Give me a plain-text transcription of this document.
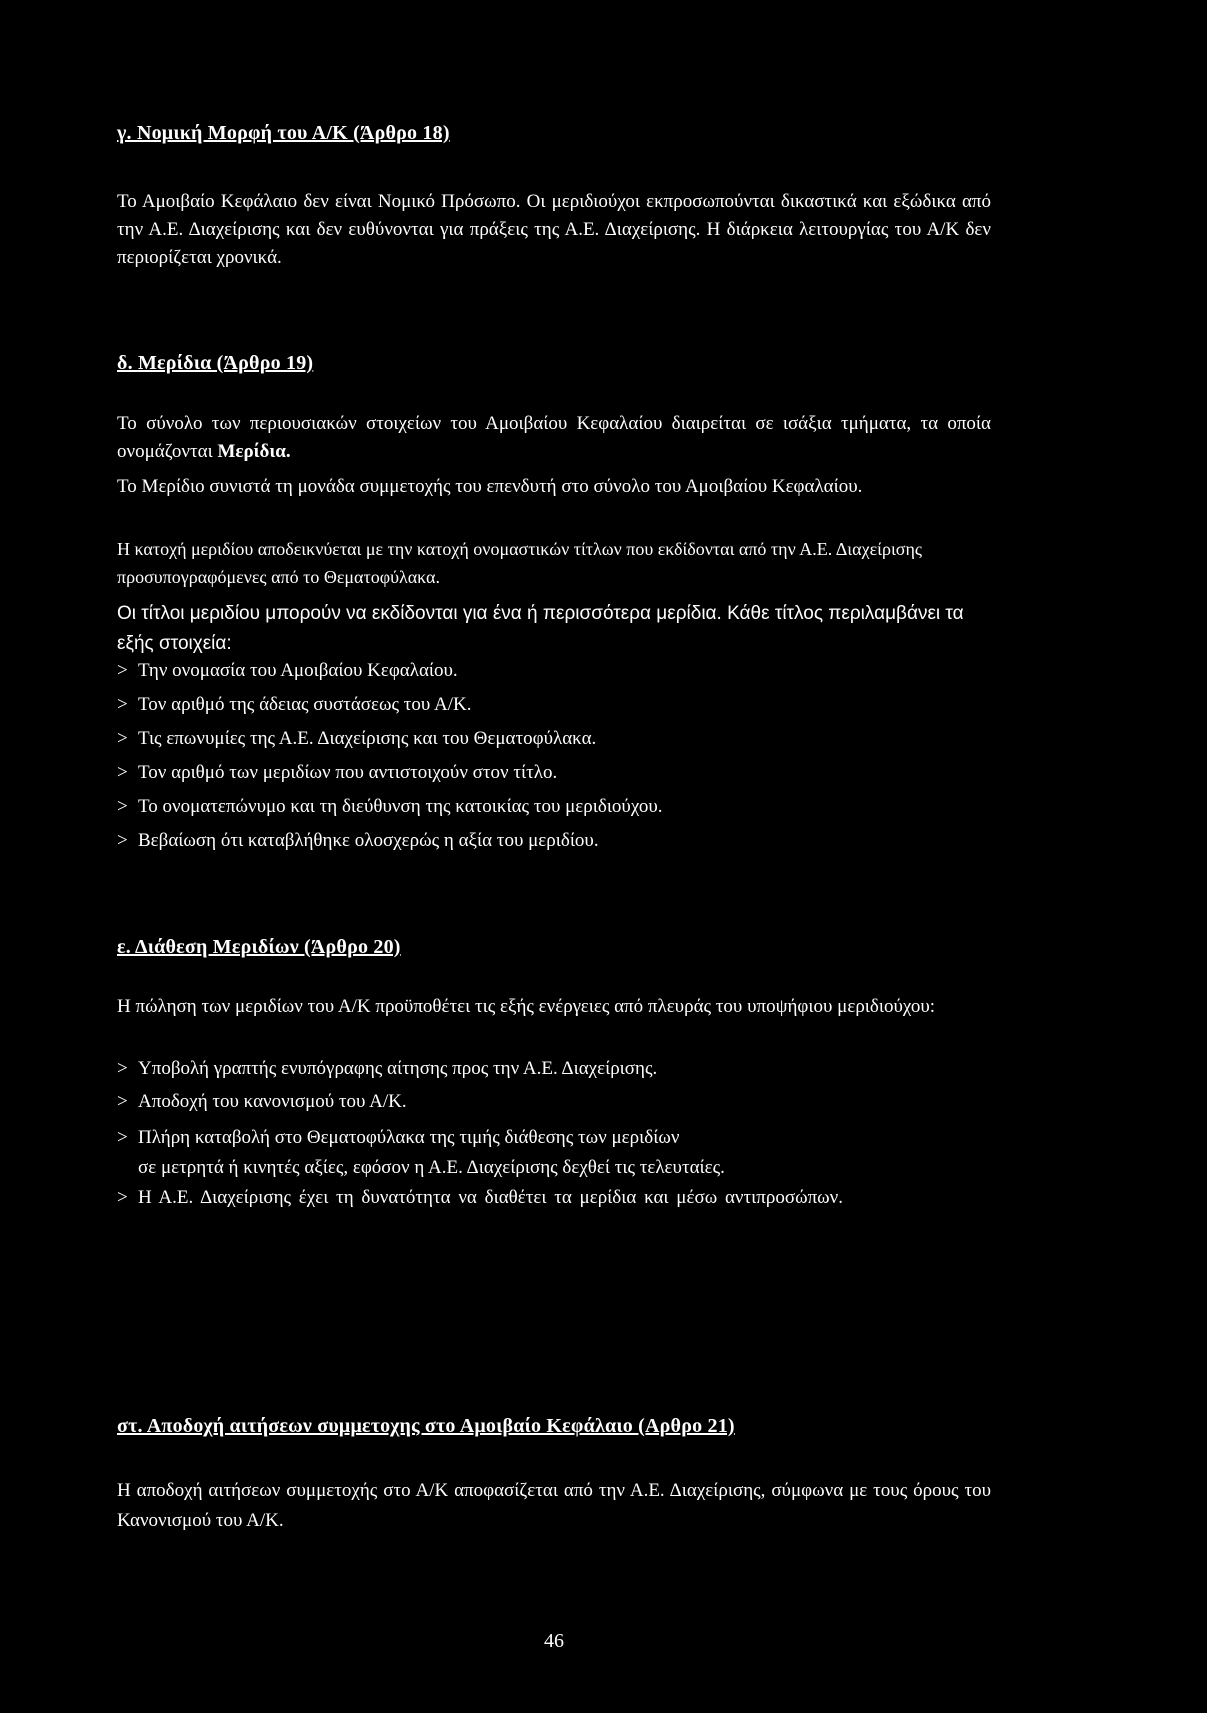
γ. Νομική Μορφή του Α/Κ (Άρθρο 18)

Το Αμοιβαίο Κεφάλαιο δεν είναι Νομικό Πρόσωπο. Οι μεριδιούχοι εκπροσωπούνται δικαστικά και εξώδικα από την Α.Ε. Διαχείρισης και δεν ευθύνονται για πράξεις της Α.Ε. Διαχείρισης. Η διάρκεια λειτουργίας του Α/Κ δεν περιορίζεται χρονικά.

δ. Μερίδια (Άρθρο 19)

Το σύνολο των περιουσιακών στοιχείων του Αμοιβαίου Κεφαλαίου διαιρείται σε ισάξια τμήματα, τα οποία ονομάζονται Μερίδια.

Το Μερίδιο συνιστά τη μονάδα συμμετοχής του επενδυτή στο σύνολο του Αμοιβαίου Κεφαλαίου.

Η κατοχή μεριδίου αποδεικνύεται με την κατοχή ονομαστικών τίτλων που εκδίδονται από την Α.Ε. Διαχείρισης προσυπογραφόμενες από το Θεματοφύλακα.

Οι τίτλοι μεριδίου μπορούν να εκδίδονται για ένα ή περισσότερα μερίδια. Κάθε τίτλος περιλαμβάνει τα εξής στοιχεία:

> Την ονομασία του Αμοιβαίου Κεφαλαίου.
> Τον αριθμό της άδειας συστάσεως του Α/Κ.
> Τις επωνυμίες της Α.Ε. Διαχείρισης και του Θεματοφύλακα.
> Τον αριθμό των μεριδίων που αντιστοιχούν στον τίτλο.
> Το ονοματεπώνυμο και τη διεύθυνση της κατοικίας του μεριδιούχου.
> Βεβαίωση ότι καταβλήθηκε ολοσχερώς η αξία του μεριδίου.
ε. Διάθεση Μεριδίων (Άρθρο 20)

Η πώληση των μεριδίων του Α/Κ προϋποθέτει τις εξής ενέργειες από πλευράς του υποψήφιου μεριδιούχου:

> Υποβολή γραπτής ενυπόγραφης αίτησης προς την Α.Ε. Διαχείρισης.
> Αποδοχή του κανονισμού του Α/Κ.
> Πλήρη καταβολή στο Θεματοφύλακα της τιμής διάθεσης των μεριδίων
σε μετρητά ή κινητές αξίες, εφόσον η Α.Ε. Διαχείρισης δεχθεί τις τελευταίες.
> Η Α.Ε. Διαχείρισης έχει τη δυνατότητα να διαθέτει τα μερίδια και μέσω αντιπροσώπων.
στ. Αποδοχή αιτήσεων συμμετοχης στο Αμοιβαίο Κεφάλαιο (Αρθρο 21)

Η αποδοχή αιτήσεων συμμετοχής στο Α/Κ αποφασίζεται από την Α.Ε. Διαχείρισης, σύμφωνα με τους όρους του Κανονισμού του Α/Κ.

46
